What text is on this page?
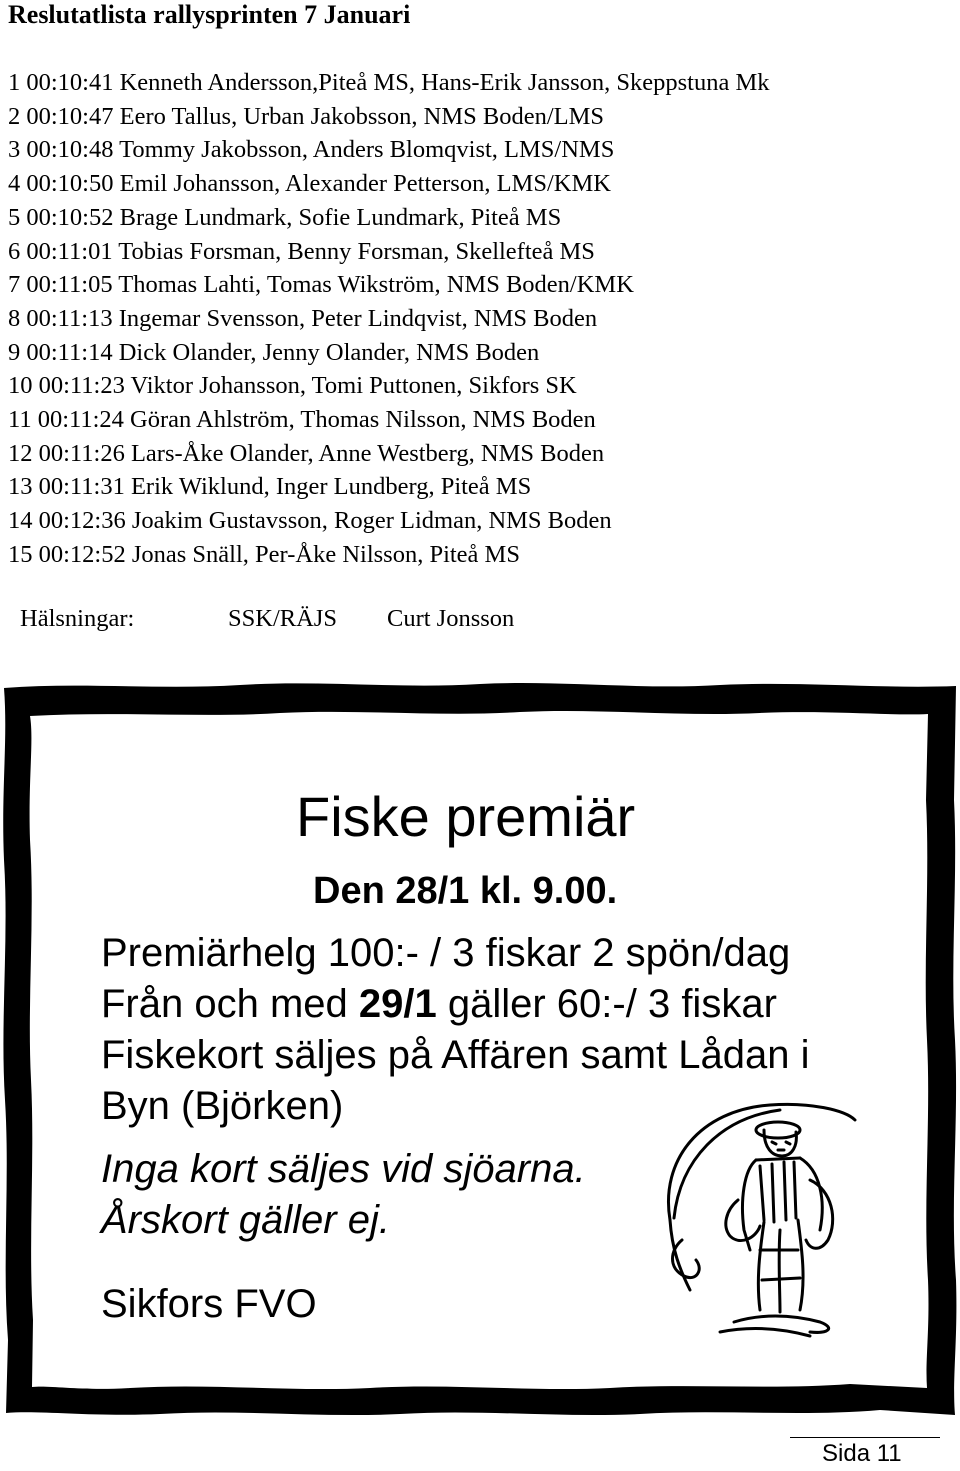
Reslutatlista rallysprinten 7 Januari
1 00:10:41 Kenneth Andersson,Piteå MS, Hans-Erik Jansson, Skeppstuna Mk
2 00:10:47 Eero Tallus, Urban Jakobsson, NMS Boden/LMS
3 00:10:48 Tommy Jakobsson, Anders Blomqvist, LMS/NMS
4 00:10:50 Emil Johansson, Alexander Petterson, LMS/KMK
5 00:10:52 Brage Lundmark, Sofie Lundmark, Piteå MS
6 00:11:01 Tobias Forsman, Benny Forsman, Skellefteå MS
7 00:11:05 Thomas Lahti, Tomas Wikström, NMS Boden/KMK
8 00:11:13 Ingemar Svensson, Peter Lindqvist, NMS Boden
9 00:11:14 Dick Olander, Jenny Olander, NMS Boden
10 00:11:23 Viktor Johansson, Tomi Puttonen, Sikfors SK
11 00:11:24 Göran Ahlström, Thomas Nilsson, NMS Boden
12 00:11:26 Lars-Åke Olander, Anne Westberg, NMS Boden
13 00:11:31 Erik Wiklund, Inger Lundberg, Piteå MS
14 00:12:36 Joakim Gustavsson, Roger Lidman, NMS Boden
15 00:12:52 Jonas Snäll, Per-Åke Nilsson, Piteå MS
Hälsningar:	SSK/RÄJS Curt Jonsson
Fiske premiär
Den 28/1 kl. 9.00.
Premiärhelg 100:- / 3 fiskar 2 spön/dag
Från och med 29/1 gäller 60:-/ 3 fiskar
Fiskekort säljes på Affären samt Lådan i
Byn (Björken)
Inga kort säljes vid sjöarna.
Årskort gäller ej.
Sikfors FVO
Sida 11
